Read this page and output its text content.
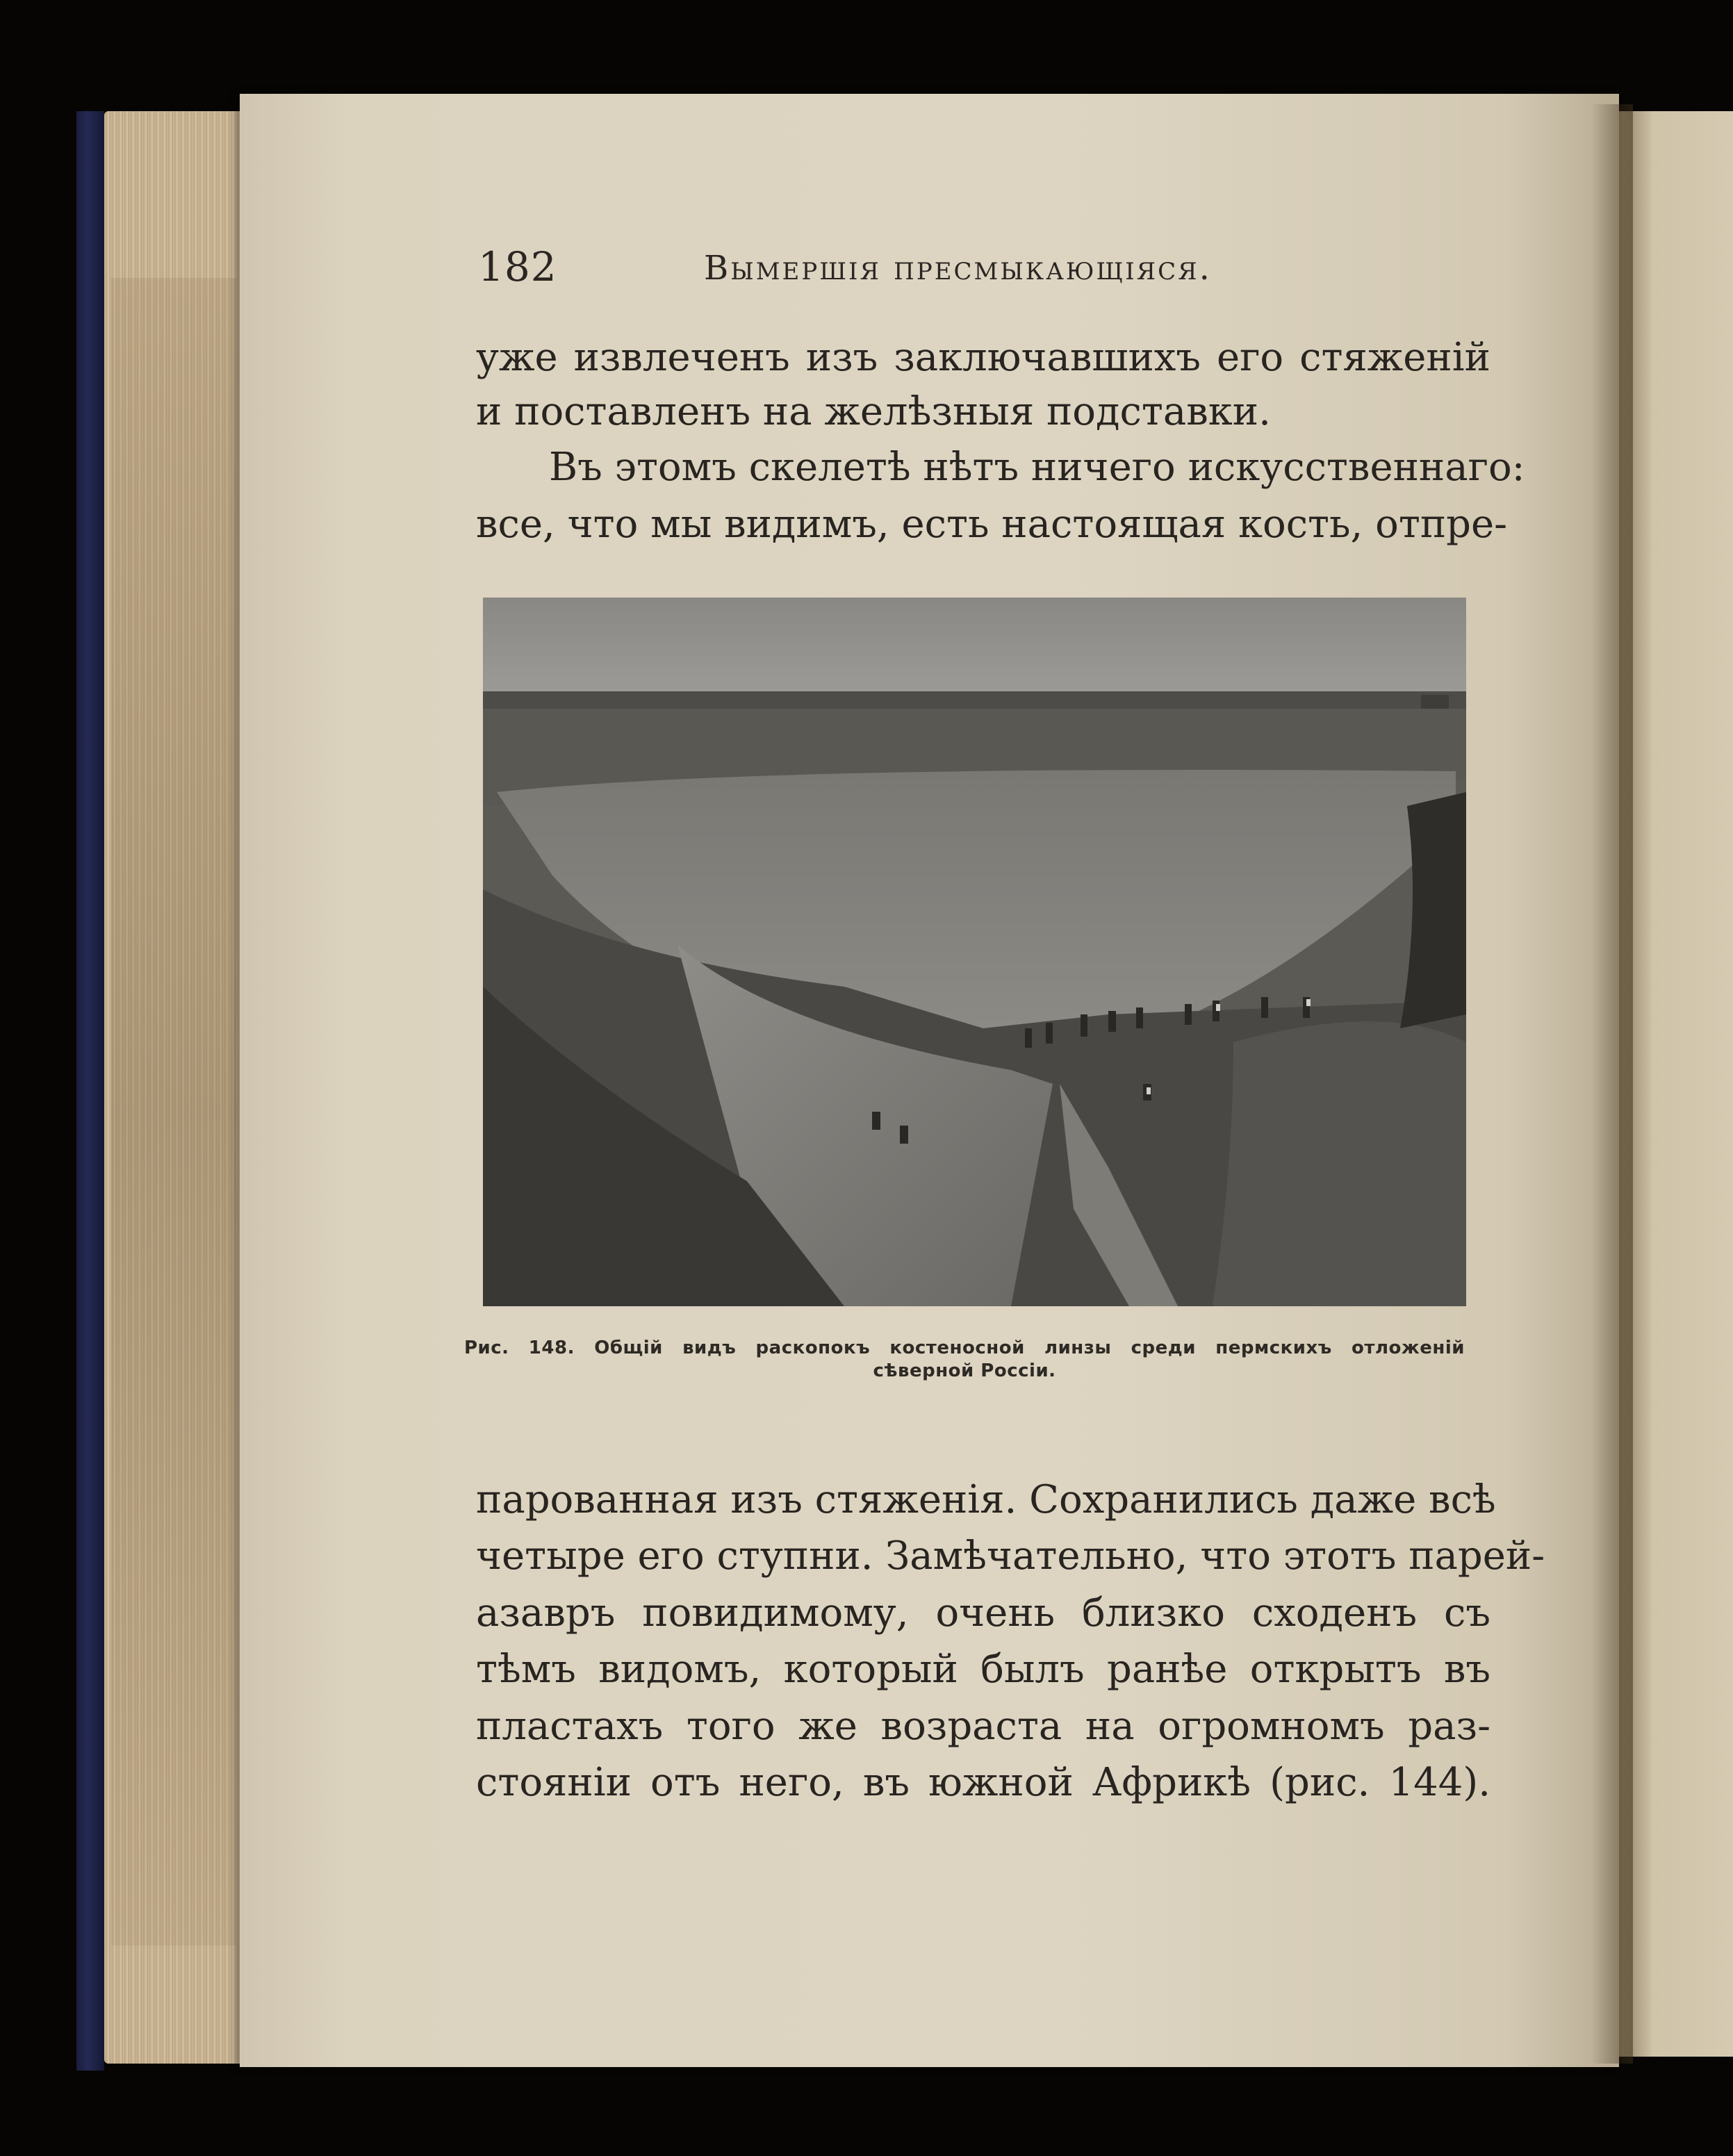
182	Вымершія пресмыкающіяся.
уже извлеченъ изъ заключавшихъ его стяженій
и поставленъ на желѣзныя подставки.
Въ этомъ скелетѣ нѣтъ ничего искусственнаго:
все, что мы видимъ, есть настоящая кость, отпре-
Рис. 148. Общій видъ раскопокъ костеносной линзы среди пермскихъ отложеній
сѣверной Россіи.
парованная изъ стяженія. Сохранились даже всѣ
четыре его ступни. Замѣчательно, что этотъ парей-
азавръ повидимому, очень близко сходенъ съ
тѣмъ видомъ, который былъ ранѣе открытъ въ
пластахъ того же возраста на огромномъ раз-
стояніи отъ него, въ южной Африкѣ (рис. 144).
